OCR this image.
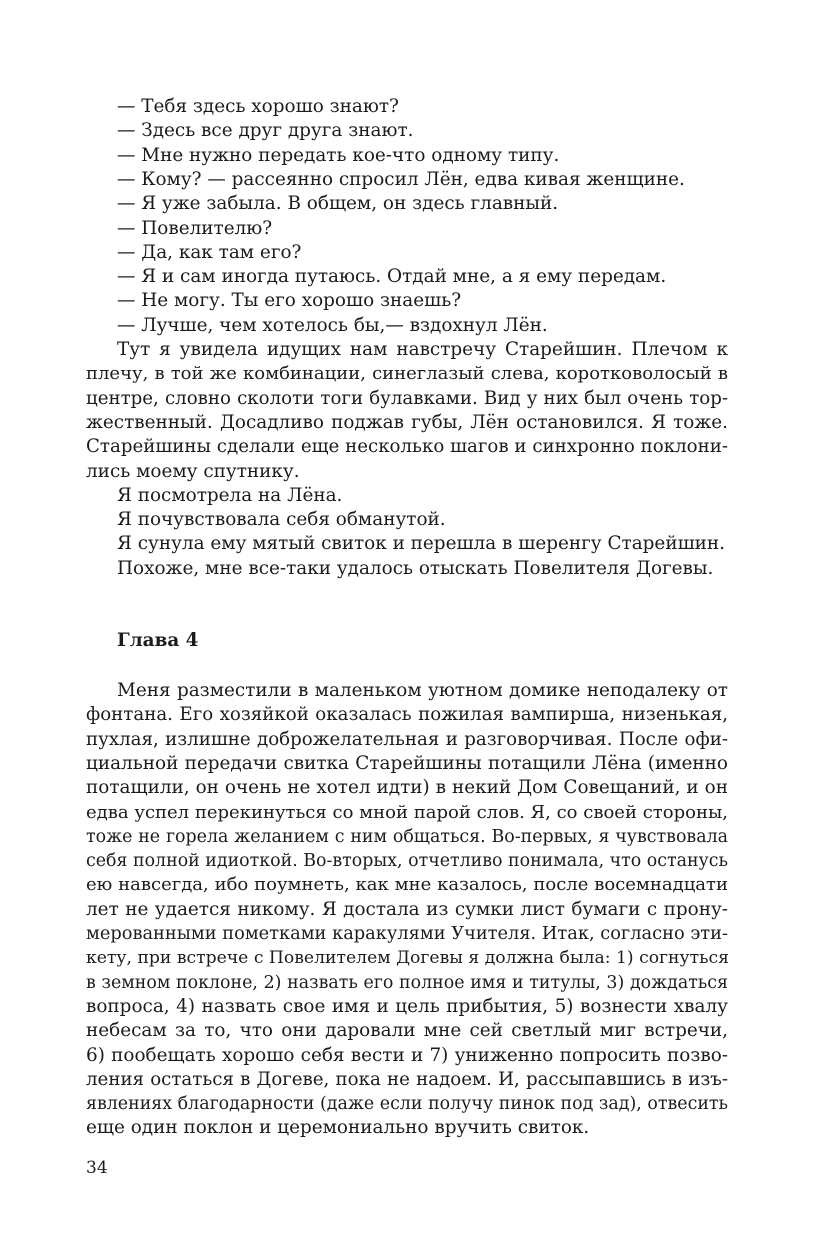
— Тебя здесь хорошо знают?
— Здесь все друг друга знают.
— Мне нужно передать кое-что одному типу.
— Кому? — рассеянно спросил Лён, едва кивая женщине.
— Я уже забыла. В общем, он здесь главный.
— Повелителю?
— Да, как там его?
— Я и сам иногда путаюсь. Отдай мне, а я ему передам.
— Не могу. Ты его хорошо знаешь?
— Лучше, чем хотелось бы,— вздохнул Лён.
Тут я увидела идущих нам навстречу Старейшин. Плечом к
плечу, в той же комбинации, синеглазый слева, коротковолосый в
центре, словно сколоти тоги булавками. Вид у них был очень тор-
жественный. Досадливо поджав губы, Лён остановился. Я тоже.
Старейшины сделали еще несколько шагов и синхронно поклони-
лись моему спутнику.
Я посмотрела на Лёна.
Я почувствовала себя обманутой.
Я сунула ему мятый свиток и перешла в шеренгу Старейшин.
Похоже, мне все-таки удалось отыскать Повелителя Догевы.
Глава 4
Меня разместили в маленьком уютном домике неподалеку от
фонтана. Его хозяйкой оказалась пожилая вампирша, низенькая,
пухлая, излишне доброжелательная и разговорчивая. После офи-
циальной передачи свитка Старейшины потащили Лёна (именно
потащили, он очень не хотел идти) в некий Дом Совещаний, и он
едва успел перекинуться со мной парой слов. Я, со своей стороны,
тоже не горела желанием с ним общаться. Во-первых, я чувствовала
себя полной идиоткой. Во-вторых, отчетливо понимала, что останусь
ею навсегда, ибо поумнеть, как мне казалось, после восемнадцати
лет не удается никому. Я достала из сумки лист бумаги с прону-
мерованными пометками каракулями Учителя. Итак, согласно эти-
кету, при встрече с Повелителем Догевы я должна была: 1) согнуться
в земном поклоне, 2) назвать его полное имя и титулы, 3) дождаться
вопроса, 4) назвать свое имя и цель прибытия, 5) вознести хвалу
небесам за то, что они даровали мне сей светлый миг встречи,
6) пообещать хорошо себя вести и 7) униженно попросить позво-
ления остаться в Догеве, пока не надоем. И, рассыпавшись в изъ-
явлениях благодарности (даже если получу пинок под зад), отвесить
еще один поклон и церемониально вручить свиток.
34
